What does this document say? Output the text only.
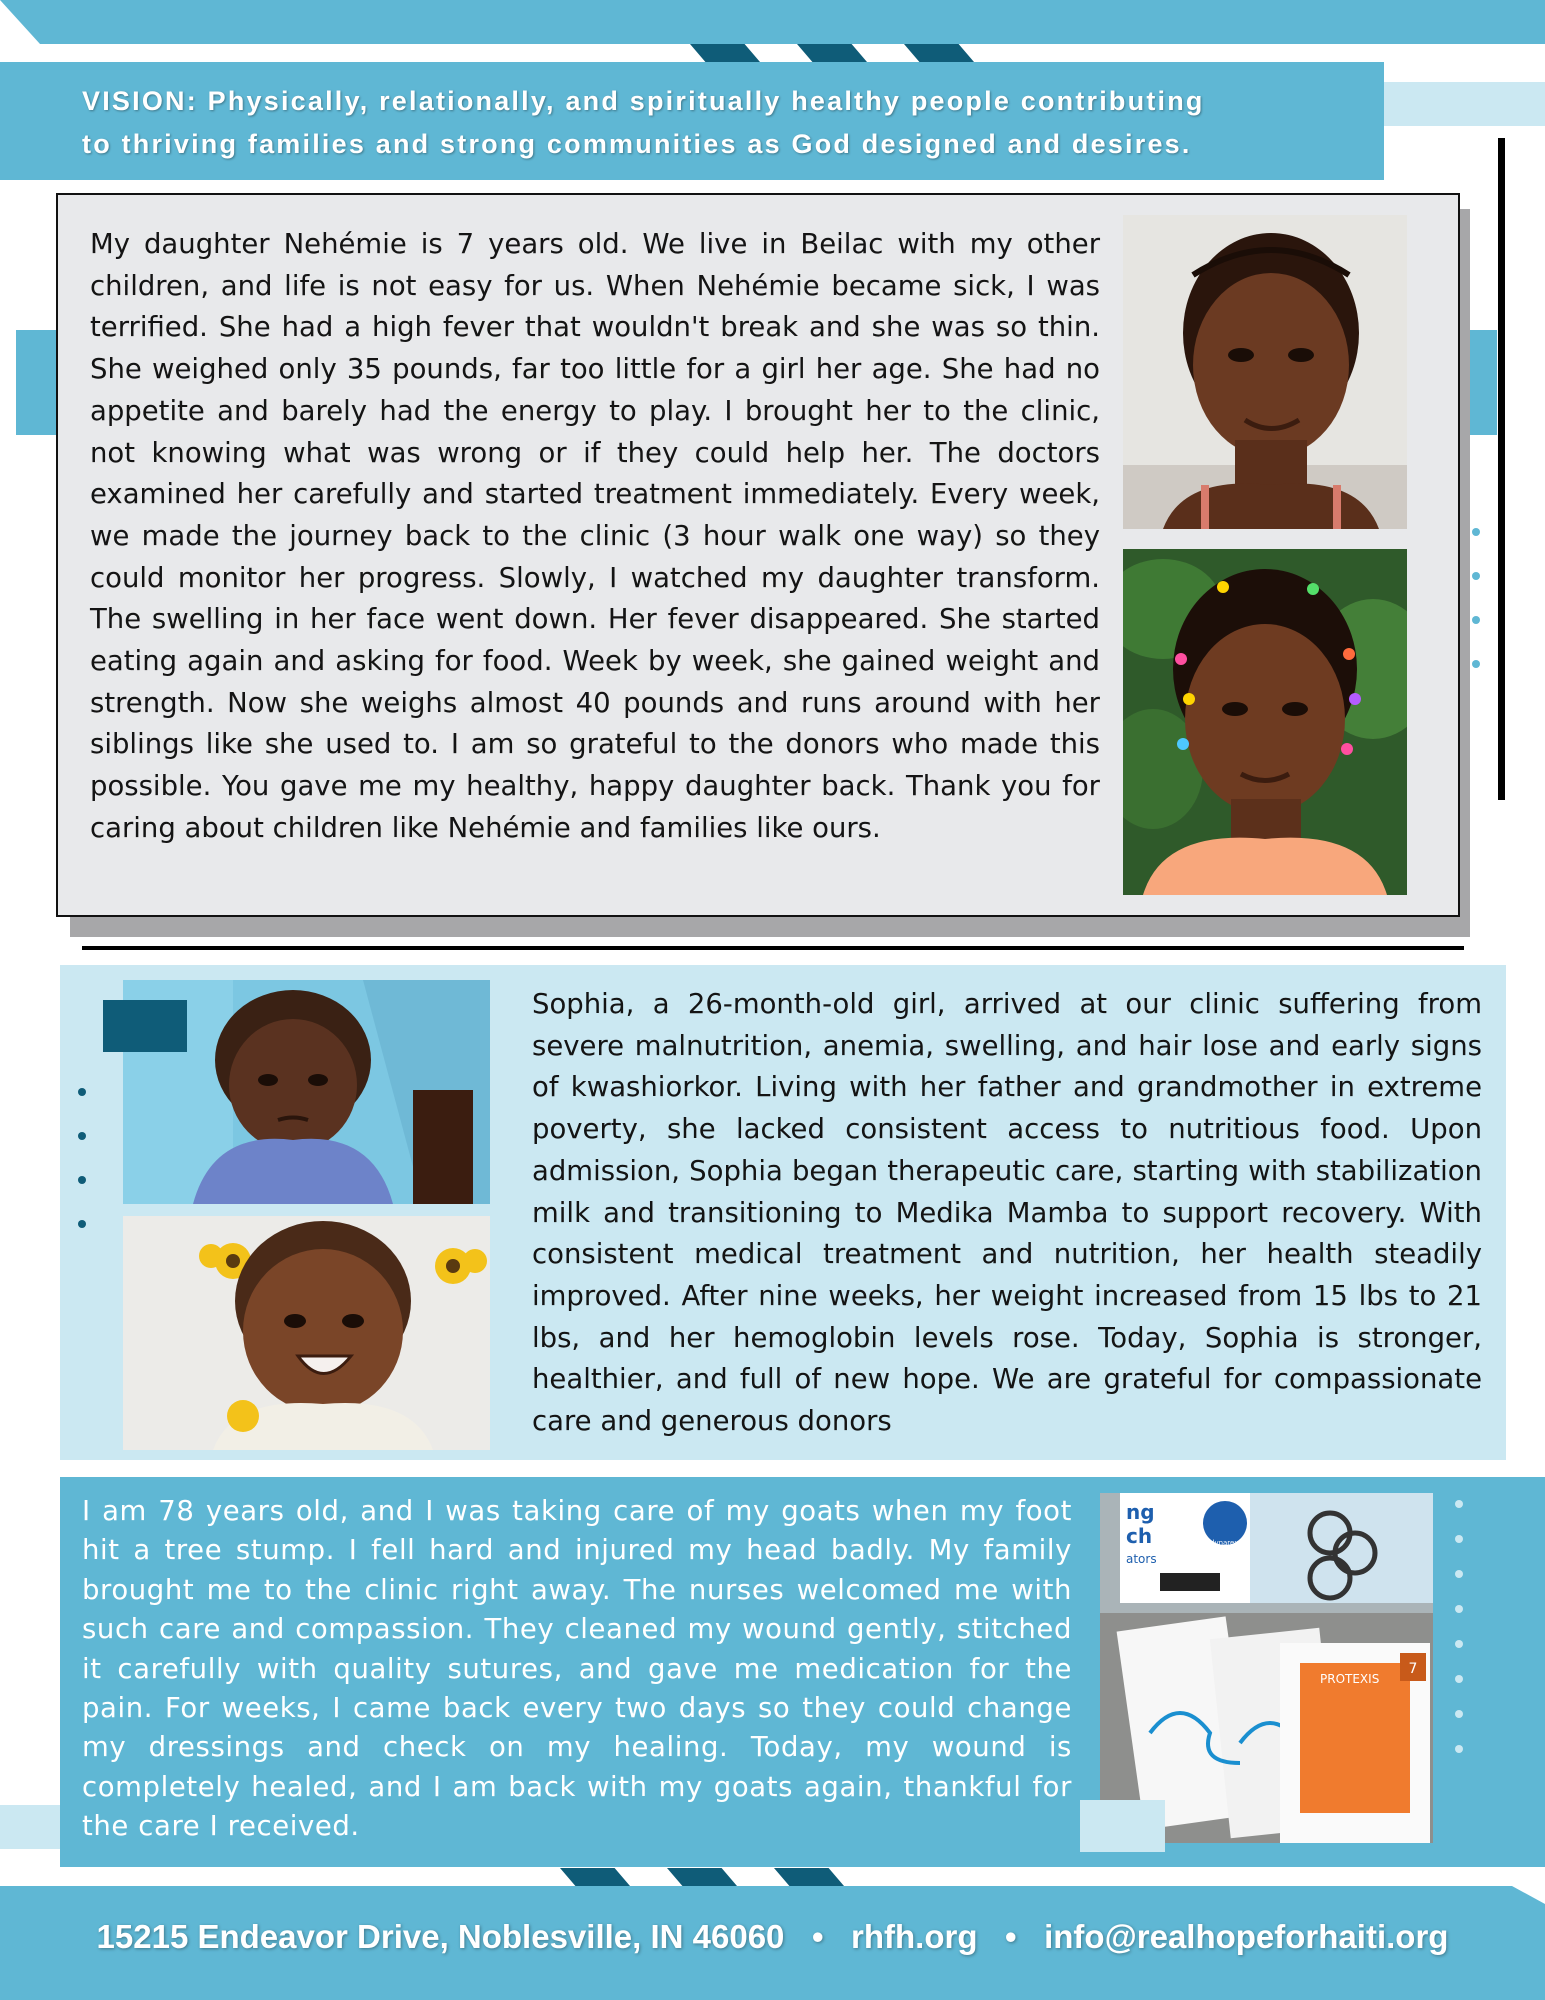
VISION: Physically, relationally, and spiritually healthy people contributing
to thriving families and strong communities as God designed and desires.
My daughter Nehémie is 7 years old. We live in Beilac with my other children, and life is not easy for us. When Nehémie became sick, I was terrified. She had a high fever that wouldn't break and she was so thin. She weighed only 35 pounds, far too little for a girl her age. She had no appetite and barely had the energy to play. I brought her to the clinic, not knowing what was wrong or if they could help her. The doctors examined her carefully and started treatment immediately. Every week, we made the journey back to the clinic (3 hour walk one way) so they could monitor her progress. Slowly, I watched my daughter transform. The swelling in her face went down. Her fever disappeared. She started eating again and asking for food. Week by week, she gained weight and strength. Now she weighs almost 40 pounds and runs around with her siblings like she used to. I am so grateful to the donors who made this possible. You gave me my healthy, happy daughter back. Thank you for caring about children like Nehémie and families like ours.
Sophia, a 26-month-old girl, arrived at our clinic suffering from severe malnutrition, anemia, swelling, and hair lose and early signs of kwashiorkor. Living with her father and grandmother in extreme poverty, she lacked consistent access to nutritious food. Upon admission, Sophia began therapeutic care, starting with stabilization milk and transitioning to Medika Mamba to support recovery. With consistent medical treatment and nutrition, her health steadily improved. After nine weeks, her weight increased from 15 lbs to 21 lbs, and her hemoglobin levels rose. Today, Sophia is stronger, healthier, and full of new hope. We are grateful for compassionate care and generous donors
I am 78 years old, and I was taking care of my goats when my foot hit a tree stump. I fell hard and injured my head badly. My family brought me to the clinic right away. The nurses welcomed me with such care and compassion. They cleaned my wound gently, stitched it carefully with quality sutures, and gave me medication for the pain. For weeks, I came back every two days so they could change my dressings and check on my healing. Today, my wound is completely healed, and I am back with my goats again, thankful for the care I received.
7
PROTEXIS
ng
ch
ators
dynarex
15215 Endeavor Drive, Noblesville, IN 46060 • rhfh.org • info@realhopeforhaiti.org
